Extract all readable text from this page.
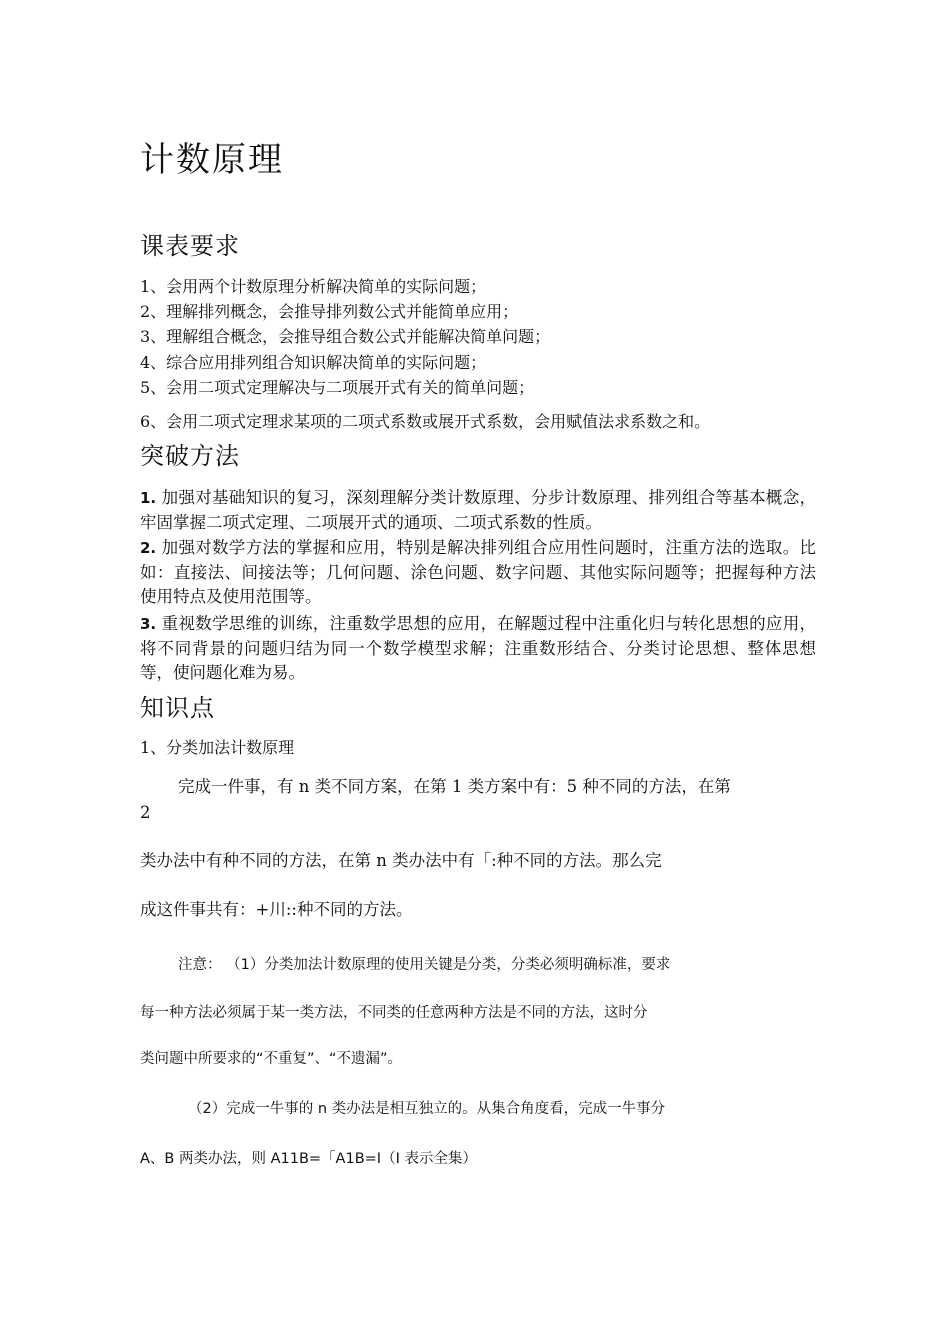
计数原理
课表要求
1、会用两个计数原理分析解决简单的实际问题；
2、理解排列概念，会推导排列数公式并能简单应用；
3、理解组合概念，会推导组合数公式并能解决简单问题；
4、综合应用排列组合知识解决简单的实际问题；
5、会用二项式定理解决与二项展开式有关的简单问题；
6、会用二项式定理求某项的二项式系数或展开式系数，会用赋值法求系数之和。
突破方法
1. 加强对基础知识的复习，深刻理解分类计数原理、分步计数原理、排列组合等基本概念，牢固掌握二项式定理、二项展开式的通项、二项式系数的性质。
2. 加强对数学方法的掌握和应用，特别是解决排列组合应用性问题时，注重方法的选取。比如：直接法、间接法等；几何问题、涂色问题、数字问题、其他实际问题等；把握每种方法使用特点及使用范围等。
3. 重视数学思维的训练，注重数学思想的应用，在解题过程中注重化归与转化思想的应用，将不同背景的问题归结为同一个数学模型求解；注重数形结合、分类讨论思想、整体思想等，使问题化难为易。
知识点
1、分类加法计数原理
完成一件事，有 n 类不同方案，在第 1 类方案中有：5 种不同的方法，在第
2
类办法中有种不同的方法，在第 n 类办法中有「:种不同的方法。那么完
成这件事共有：+川::种不同的方法。
注意： （1）分类加法计数原理的使用关键是分类，分类必须明确标准，要求
每一种方法必须属于某一类方法，不同类的任意两种方法是不同的方法，这时分
类问题中所要求的“不重复”、“不遗漏”。
（2）完成一牛事的 n 类办法是相互独立的。从集合角度看，完成一牛事分
A、B 两类办法，则 A11B=「A1B=I（I 表示全集）
